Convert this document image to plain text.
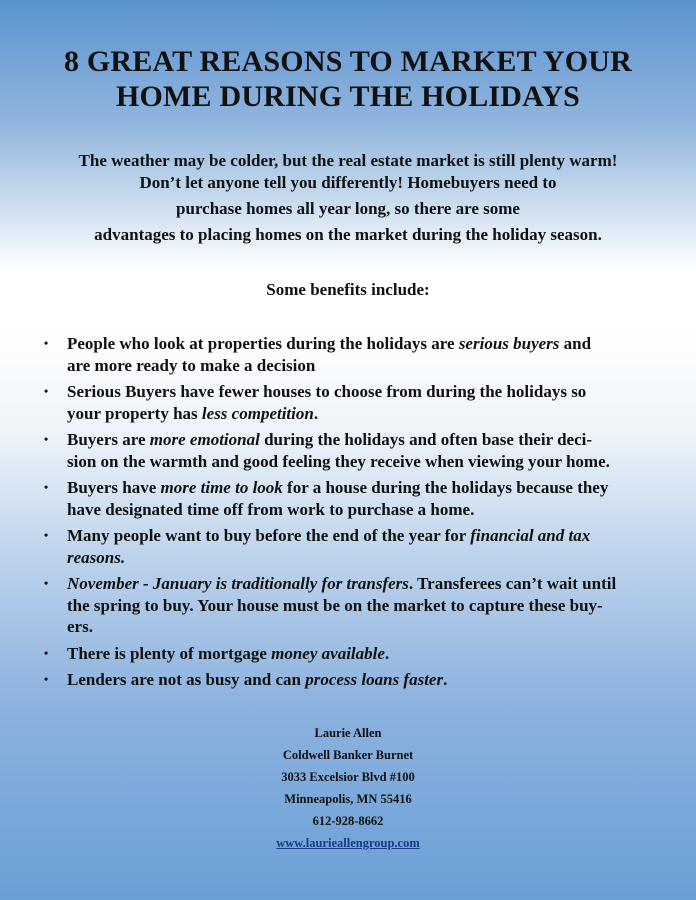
8 GREAT REASONS TO MARKET YOUR
HOME DURING THE HOLIDAYS
The weather may be colder, but the real estate market is still plenty warm!
Don’t let anyone tell you differently! Homebuyers need to
purchase homes all year long, so there are some
advantages to placing homes on the market during the holiday season.
Some benefits include:
• People who look at properties during the holidays are serious buyers and
are more ready to make a decision
• Serious Buyers have fewer houses to choose from during the holidays so
your property has less competition.
• Buyers are more emotional during the holidays and often base their deci-
sion on the warmth and good feeling they receive when viewing your home.
• Buyers have more time to look for a house during the holidays because they
have designated time off from work to purchase a home.
• Many people want to buy before the end of the year for financial and tax
reasons.
• November - January is traditionally for transfers. Transferees can’t wait until
the spring to buy. Your house must be on the market to capture these buy-
ers.
• There is plenty of mortgage money available.
• Lenders are not as busy and can process loans faster.
Laurie Allen
Coldwell Banker Burnet
3033 Excelsior Blvd #100
Minneapolis, MN 55416
612-928-8662
www.laurieallengroup.com
